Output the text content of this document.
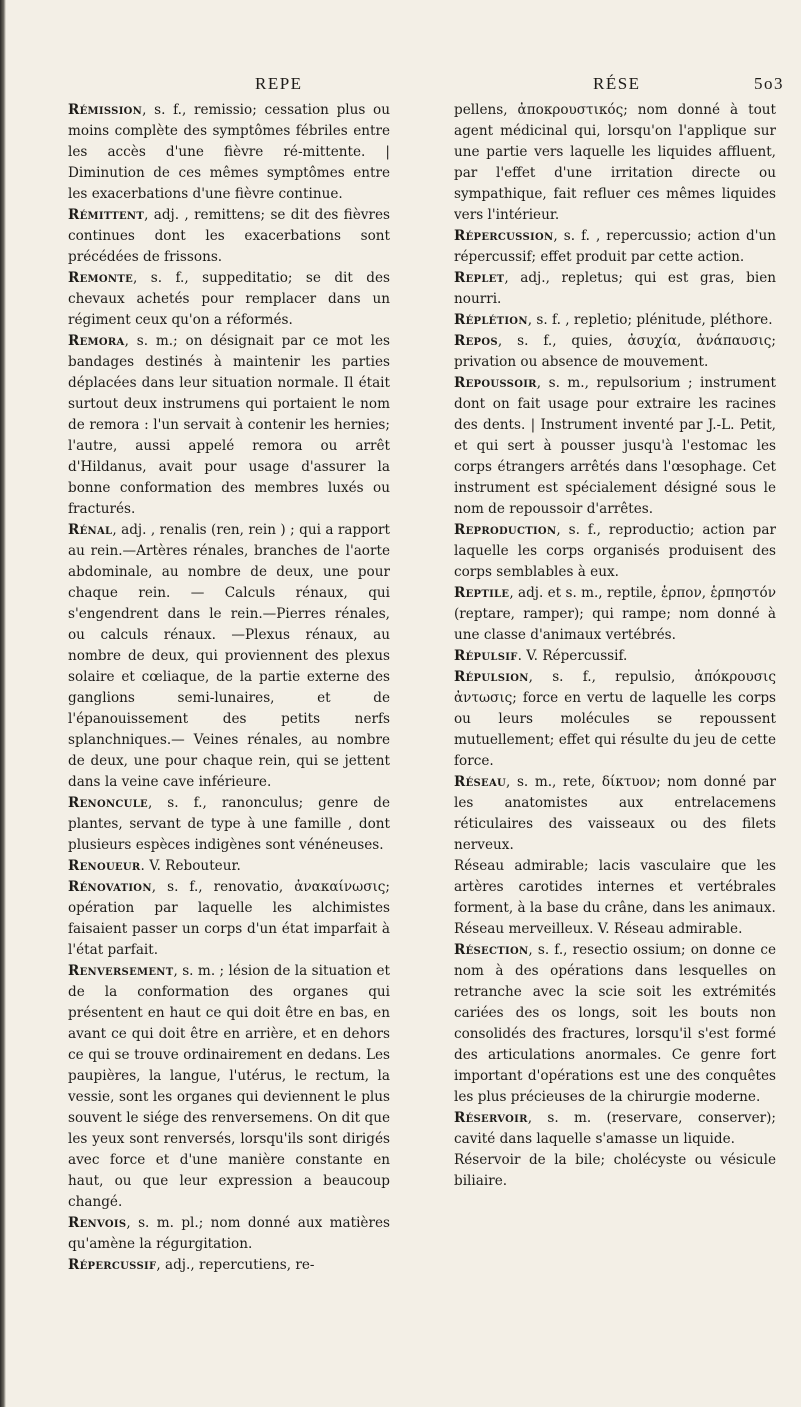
REPE	RÉSE	5o3

Rémission, s. f., remissio; cessation plus ou moins complète des symptômes fébriles entre les accès d'une fièvre ré-mittente. | Diminution de ces mêmes symptômes entre les exacerbations d'une fièvre continue.

Rémittent, adj. , remittens; se dit des fièvres continues dont les exacerbations sont précédées de frissons.

Remonte, s. f., suppeditatio; se dit des chevaux achetés pour remplacer dans un régiment ceux qu'on a réformés.

Remora, s. m.; on désignait par ce mot les bandages destinés à maintenir les parties déplacées dans leur situation normale. Il était surtout deux instrumens qui portaient le nom de remora : l'un servait à contenir les hernies; l'autre, aussi appelé remora ou arrêt d'Hildanus, avait pour usage d'assurer la bonne conformation des membres luxés ou fracturés.

Rénal, adj. , renalis (ren, rein ) ; qui a rapport au rein.—Artères rénales, branches de l'aorte abdominale, au nombre de deux, une pour chaque rein. — Calculs rénaux, qui s'engendrent dans le rein.—Pierres rénales, ou calculs rénaux. —Plexus rénaux, au nombre de deux, qui proviennent des plexus solaire et cœliaque, de la partie externe des ganglions semi-lunaires, et de l'épanouissement des petits nerfs splanchniques.— Veines rénales, au nombre de deux, une pour chaque rein, qui se jettent dans la veine cave inférieure.

Renoncule, s. f., ranonculus; genre de plantes, servant de type à une famille , dont plusieurs espèces indigènes sont vénéneuses.

Renoueur. V. Rebouteur.

Rénovation, s. f., renovatio, ἀνακαίνωσις; opération par laquelle les alchimistes faisaient passer un corps d'un état imparfait à l'état parfait.

Renversement, s. m. ; lésion de la situation et de la conformation des organes qui présentent en haut ce qui doit être en bas, en avant ce qui doit être en arrière, et en dehors ce qui se trouve ordinairement en dedans. Les paupières, la langue, l'utérus, le rectum, la vessie, sont les organes qui deviennent le plus souvent le siége des renversemens. On dit que les yeux sont renversés, lorsqu'ils sont dirigés avec force et d'une manière constante en haut, ou que leur expression a beaucoup changé.

Renvois, s. m. pl.; nom donné aux matières qu'amène la régurgitation.

Répercussif, adj., repercutiens, re-

pellens, ἀποκρουστικός; nom donné à tout agent médicinal qui, lorsqu'on l'applique sur une partie vers laquelle les liquides affluent, par l'effet d'une irritation directe ou sympathique, fait refluer ces mêmes liquides vers l'intérieur.

Répercussion, s. f. , repercussio; action d'un répercussif; effet produit par cette action.

Replet, adj., repletus; qui est gras, bien nourri.

Réplétion, s. f. , repletio; plénitude, pléthore.

Repos, s. f., quies, ἀσυχία, ἀνάπαυσις; privation ou absence de mouvement.

Repoussoir, s. m., repulsorium ; instrument dont on fait usage pour extraire les racines des dents. | Instrument inventé par J.-L. Petit, et qui sert à pousser jusqu'à l'estomac les corps étrangers arrêtés dans l'œsophage. Cet instrument est spécialement désigné sous le nom de repoussoir d'arrêtes.

Reproduction, s. f., reproductio; action par laquelle les corps organisés produisent des corps semblables à eux.

Reptile, adj. et s. m., reptile, ἑρπον, ἑρπηστόν (reptare, ramper); qui rampe; nom donné à une classe d'animaux vertébrés.

Répulsif. V. Répercussif.

Répulsion, s. f., repulsio, ἀπόκρουσις ἀντωσις; force en vertu de laquelle les corps ou leurs molécules se repoussent mutuellement; effet qui résulte du jeu de cette force.

Réseau, s. m., rete, δίκτυον; nom donné par les anatomistes aux entrelacemens réticulaires des vaisseaux ou des filets nerveux.

Réseau admirable; lacis vasculaire que les artères carotides internes et vertébrales forment, à la base du crâne, dans les animaux.

Réseau merveilleux. V. Réseau admirable.

Résection, s. f., resectio ossium; on donne ce nom à des opérations dans lesquelles on retranche avec la scie soit les extrémités cariées des os longs, soit les bouts non consolidés des fractures, lorsqu'il s'est formé des articulations anormales. Ce genre fort important d'opérations est une des conquêtes les plus précieuses de la chirurgie moderne.

Réservoir, s. m. (reservare, conserver); cavité dans laquelle s'amasse un liquide.

Réservoir de la bile; cholécyste ou vésicule biliaire.
